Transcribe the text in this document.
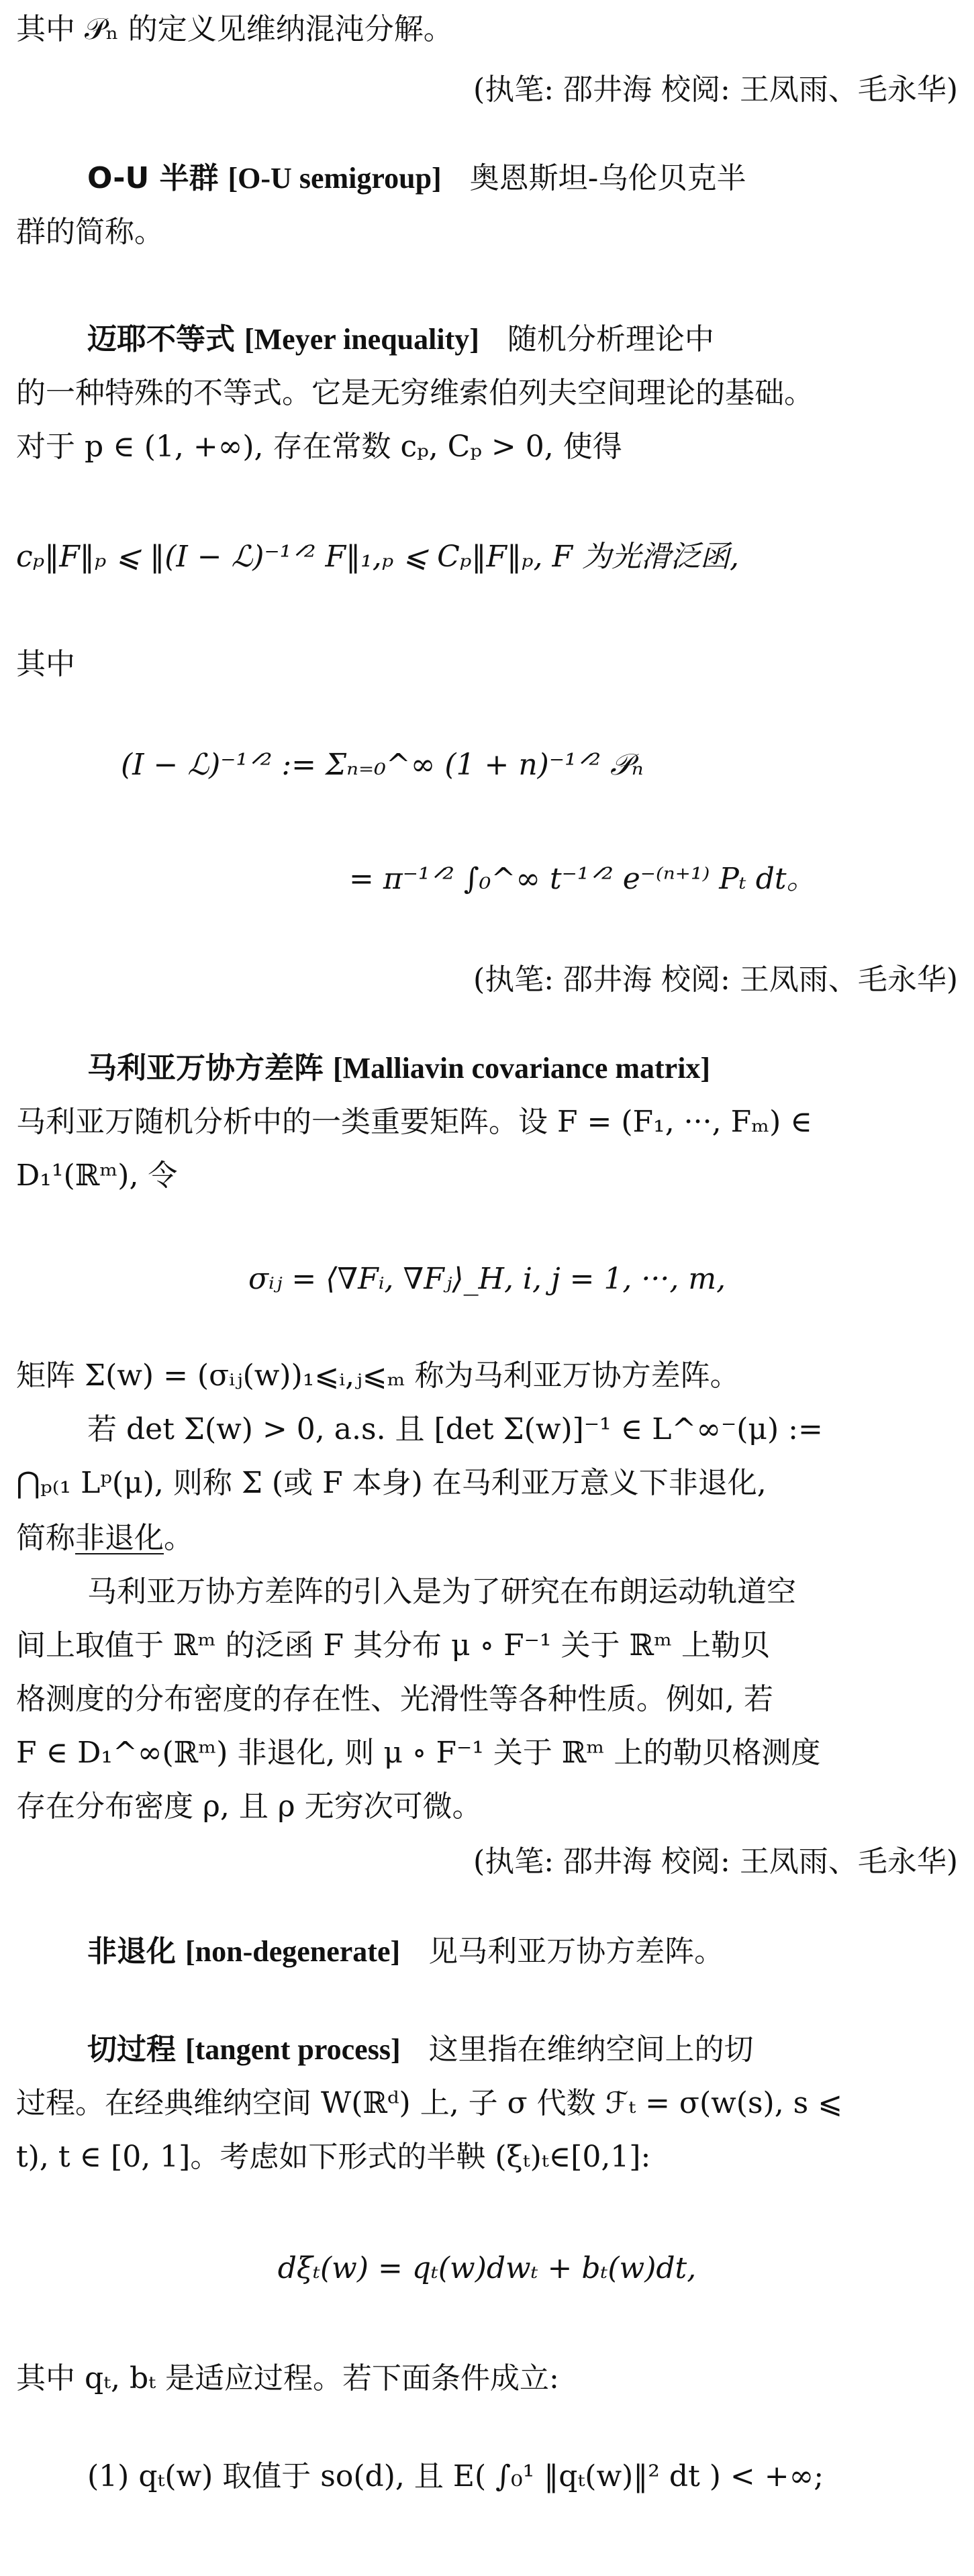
其中 𝒫ₙ 的定义见维纳混沌分解。
(执笔: 邵井海 校阅: 王凤雨、毛永华)
O-U 半群 [O-U semigroup] 奥恩斯坦-乌伦贝克半
群的简称。
迈耶不等式 [Meyer inequality] 随机分析理论中
的一种特殊的不等式。它是无穷维索伯列夫空间理论的基础。
对于 p ∈ (1, +∞), 存在常数 cₚ, Cₚ > 0, 使得
cₚ‖F‖ₚ ⩽ ‖(I − ℒ)⁻¹ᐟ² F‖₁,ₚ ⩽ Cₚ‖F‖ₚ, F 为光滑泛函,
其中
(I − ℒ)⁻¹ᐟ² := Σₙ₌₀^∞ (1 + n)⁻¹ᐟ² 𝒫ₙ
= π⁻¹ᐟ² ∫₀^∞ t⁻¹ᐟ² e⁻⁽ⁿ⁺¹⁾ Pₜ dt。
(执笔: 邵井海 校阅: 王凤雨、毛永华)
马利亚万协方差阵 [Malliavin covariance matrix]
马利亚万随机分析中的一类重要矩阵。设 F = (F₁, ···, Fₘ) ∈
D₁¹(ℝᵐ), 令
σᵢⱼ = ⟨∇Fᵢ, ∇Fⱼ⟩_H, i, j = 1, ···, m,
矩阵 Σ(w) = (σᵢⱼ(w))₁⩽ᵢ,ⱼ⩽ₘ 称为马利亚万协方差阵。
若 det Σ(w) > 0, a.s. 且 [det Σ(w)]⁻¹ ∈ L^∞⁻(μ) :=
⋂ₚ₍₁ Lᵖ(μ), 则称 Σ (或 F 本身) 在马利亚万意义下非退化,
简称非退化。
马利亚万协方差阵的引入是为了研究在布朗运动轨道空
间上取值于 ℝᵐ 的泛函 F 其分布 μ ∘ F⁻¹ 关于 ℝᵐ 上勒贝
格测度的分布密度的存在性、光滑性等各种性质。例如, 若
F ∈ D₁^∞(ℝᵐ) 非退化, 则 μ ∘ F⁻¹ 关于 ℝᵐ 上的勒贝格测度
存在分布密度 ρ, 且 ρ 无穷次可微。
(执笔: 邵井海 校阅: 王凤雨、毛永华)
非退化 [non-degenerate] 见马利亚万协方差阵。
切过程 [tangent process] 这里指在维纳空间上的切
过程。在经典维纳空间 W(ℝᵈ) 上, 子 σ 代数 ℱₜ = σ(w(s), s ⩽
t), t ∈ [0, 1]。考虑如下形式的半鞅 (ξₜ)ₜ∈[0,1]:
dξₜ(w) = qₜ(w)dwₜ + bₜ(w)dt,
其中 qₜ, bₜ 是适应过程。若下面条件成立:
(1) qₜ(w) 取值于 so(d), 且 E( ∫₀¹ ‖qₜ(w)‖² dt ) < +∞;
